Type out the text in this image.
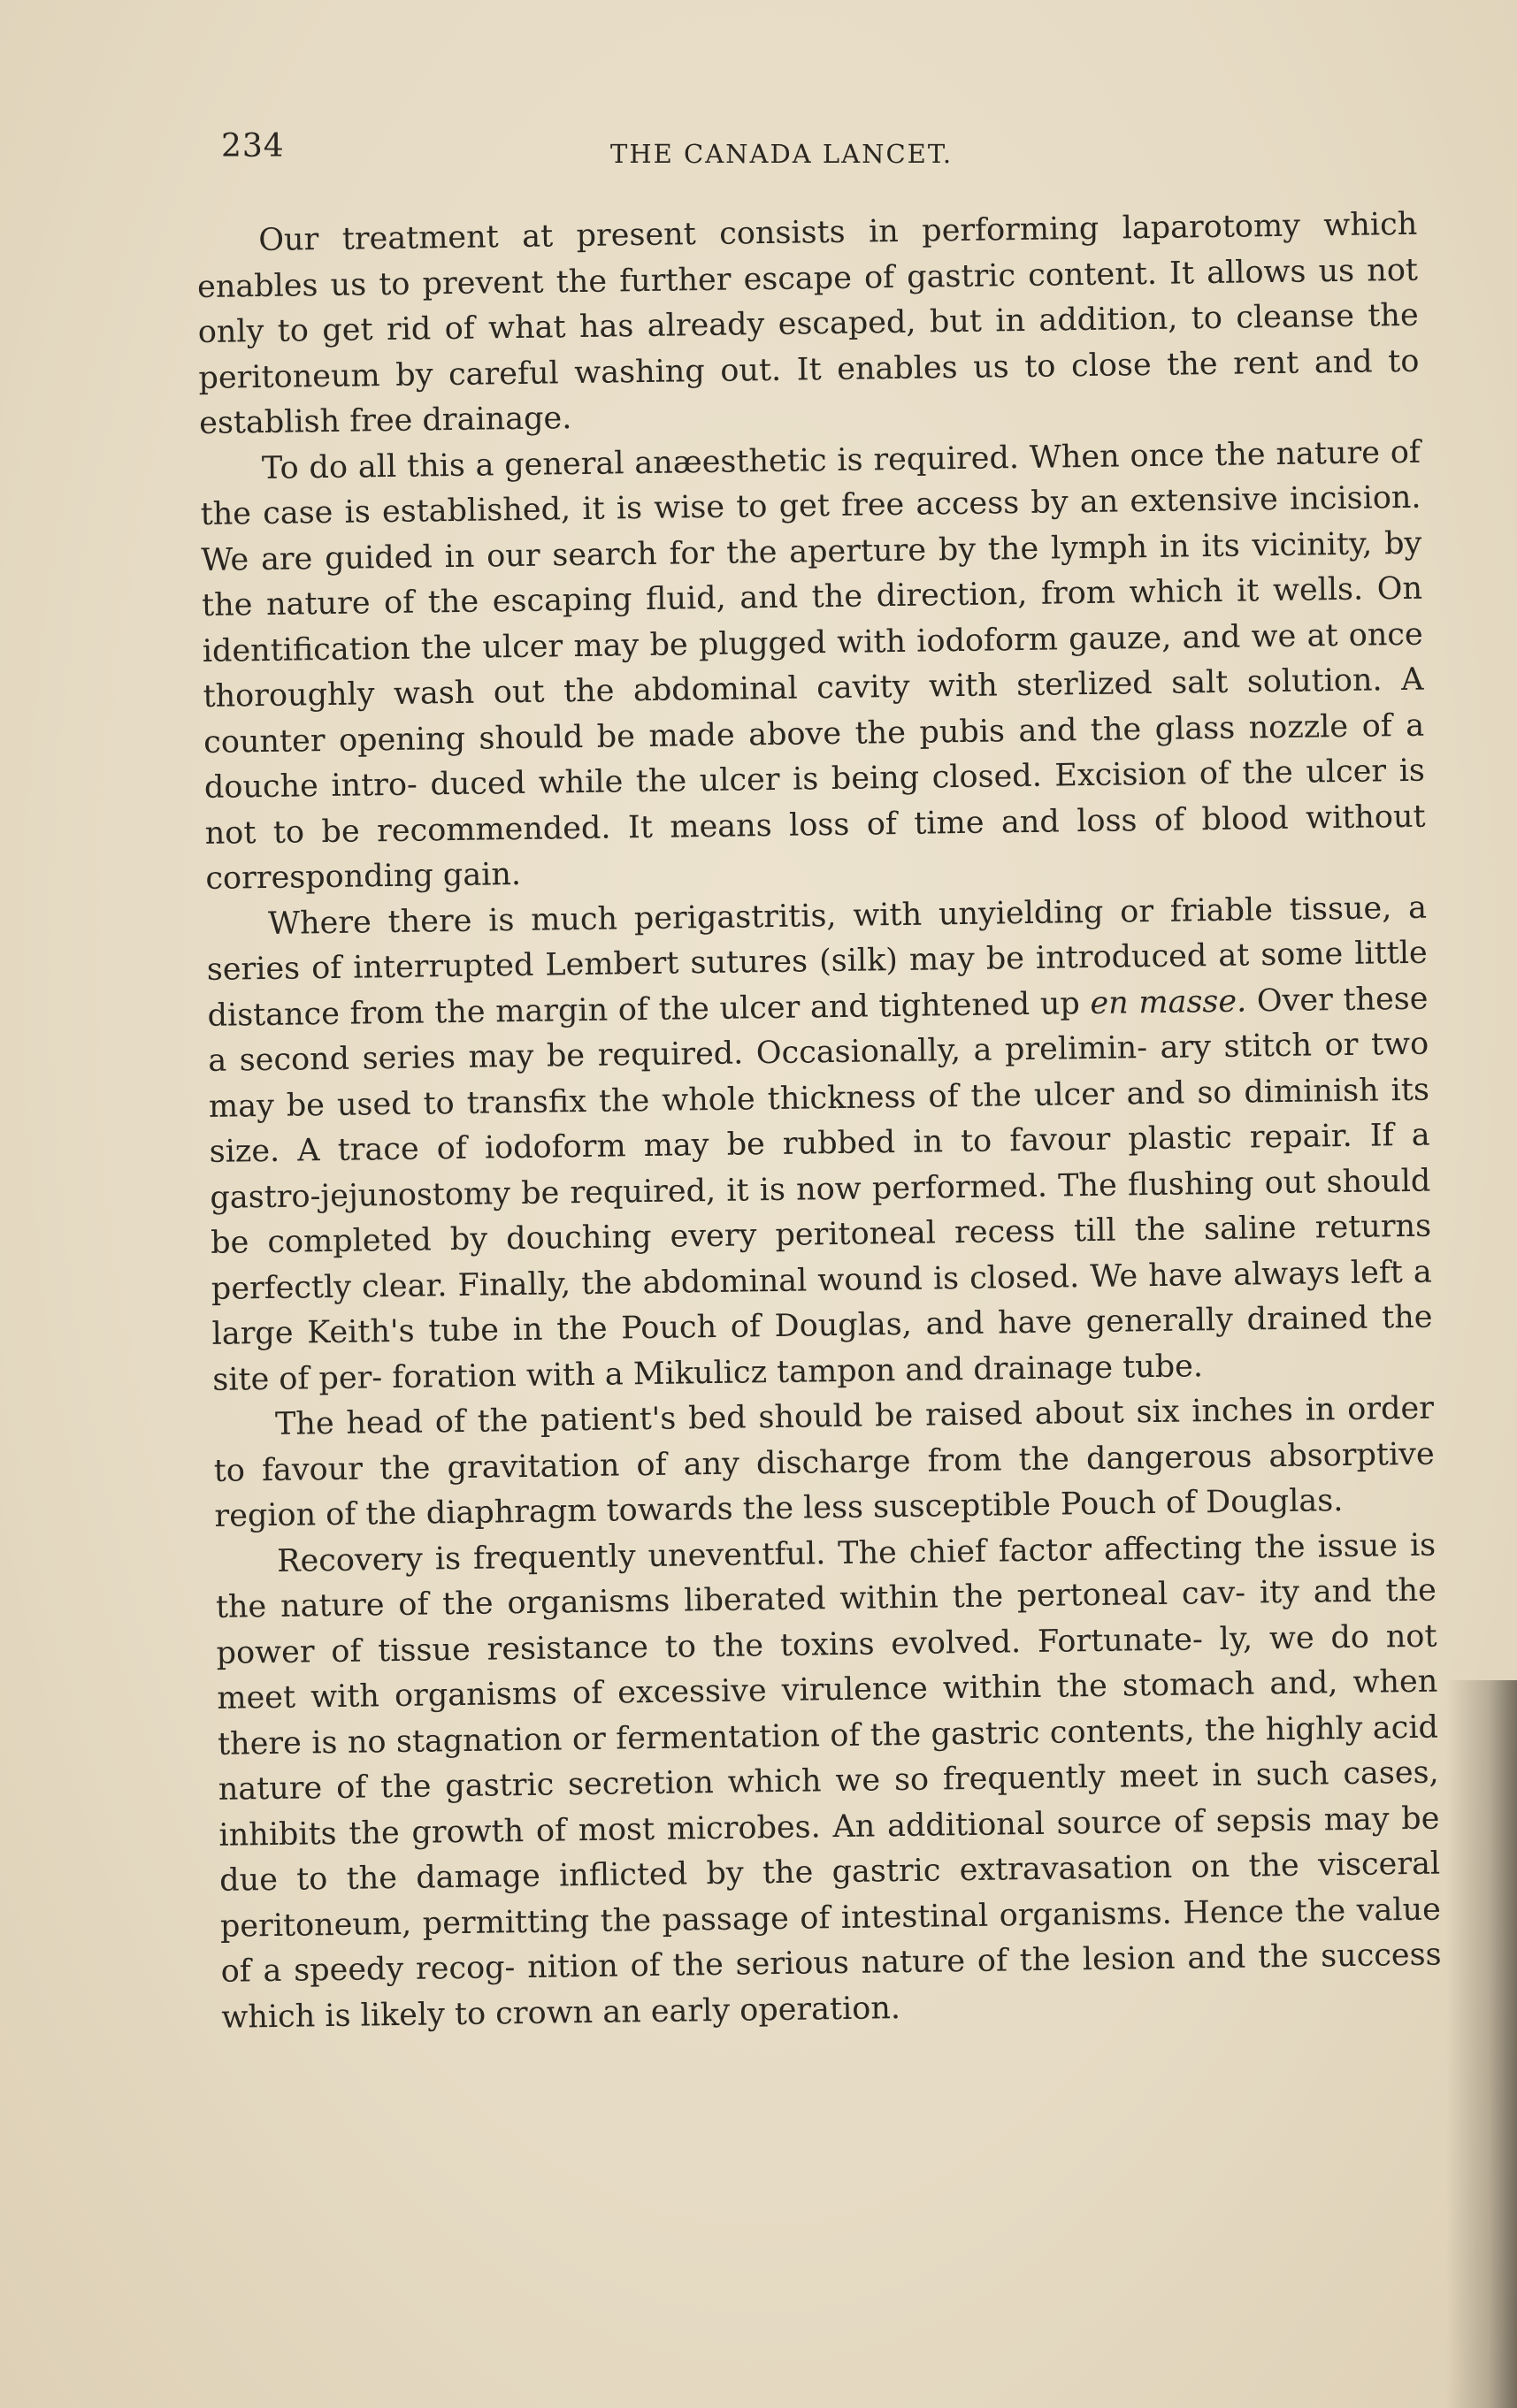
234	THE CANADA LANCET.

Our treatment at present consists in performing laparotomy which enables us to prevent the further escape of gastric content. It allows us not only to get rid of what has already escaped, but in addition, to cleanse the peritoneum by careful washing out. It enables us to close the rent and to establish free drainage.

To do all this a general anæesthetic is required. When once the nature of the case is established, it is wise to get free access by an extensive incision. We are guided in our search for the aperture by the lymph in its vicinity, by the nature of the escaping fluid, and the direction, from which it wells. On identification the ulcer may be plugged with iodoform gauze, and we at once thoroughly wash out the abdominal cavity with sterlized salt solution. A counter opening should be made above the pubis and the glass nozzle of a douche intro- duced while the ulcer is being closed. Excision of the ulcer is not to be recommended. It means loss of time and loss of blood without corresponding gain.

Where there is much perigastritis, with unyielding or friable tissue, a series of interrupted Lembert sutures (silk) may be introduced at some little distance from the margin of the ulcer and tightened up en masse. Over these a second series may be required. Occasionally, a prelimin- ary stitch or two may be used to transfix the whole thickness of the ulcer and so diminish its size. A trace of iodoform may be rubbed in to favour plastic repair. If a gastro-jejunostomy be required, it is now performed. The flushing out should be completed by douching every peritoneal recess till the saline returns perfectly clear. Finally, the abdominal wound is closed. We have always left a large Keith's tube in the Pouch of Douglas, and have generally drained the site of per- foration with a Mikulicz tampon and drainage tube.

The head of the patient's bed should be raised about six inches in order to favour the gravitation of any discharge from the dangerous absorptive region of the diaphragm towards the less susceptible Pouch of Douglas.

Recovery is frequently uneventful. The chief factor affecting the issue is the nature of the organisms liberated within the pertoneal cav- ity and the power of tissue resistance to the toxins evolved. Fortunate- ly, we do not meet with organisms of excessive virulence within the stomach and, when there is no stagnation or fermentation of the gastric contents, the highly acid nature of the gastric secretion which we so frequently meet in such cases, inhibits the growth of most microbes. An additional source of sepsis may be due to the damage inflicted by the gastric extravasation on the visceral peritoneum, permitting the passage of intestinal organisms. Hence the value of a speedy recog- nition of the serious nature of the lesion and the success which is likely to crown an early operation.
